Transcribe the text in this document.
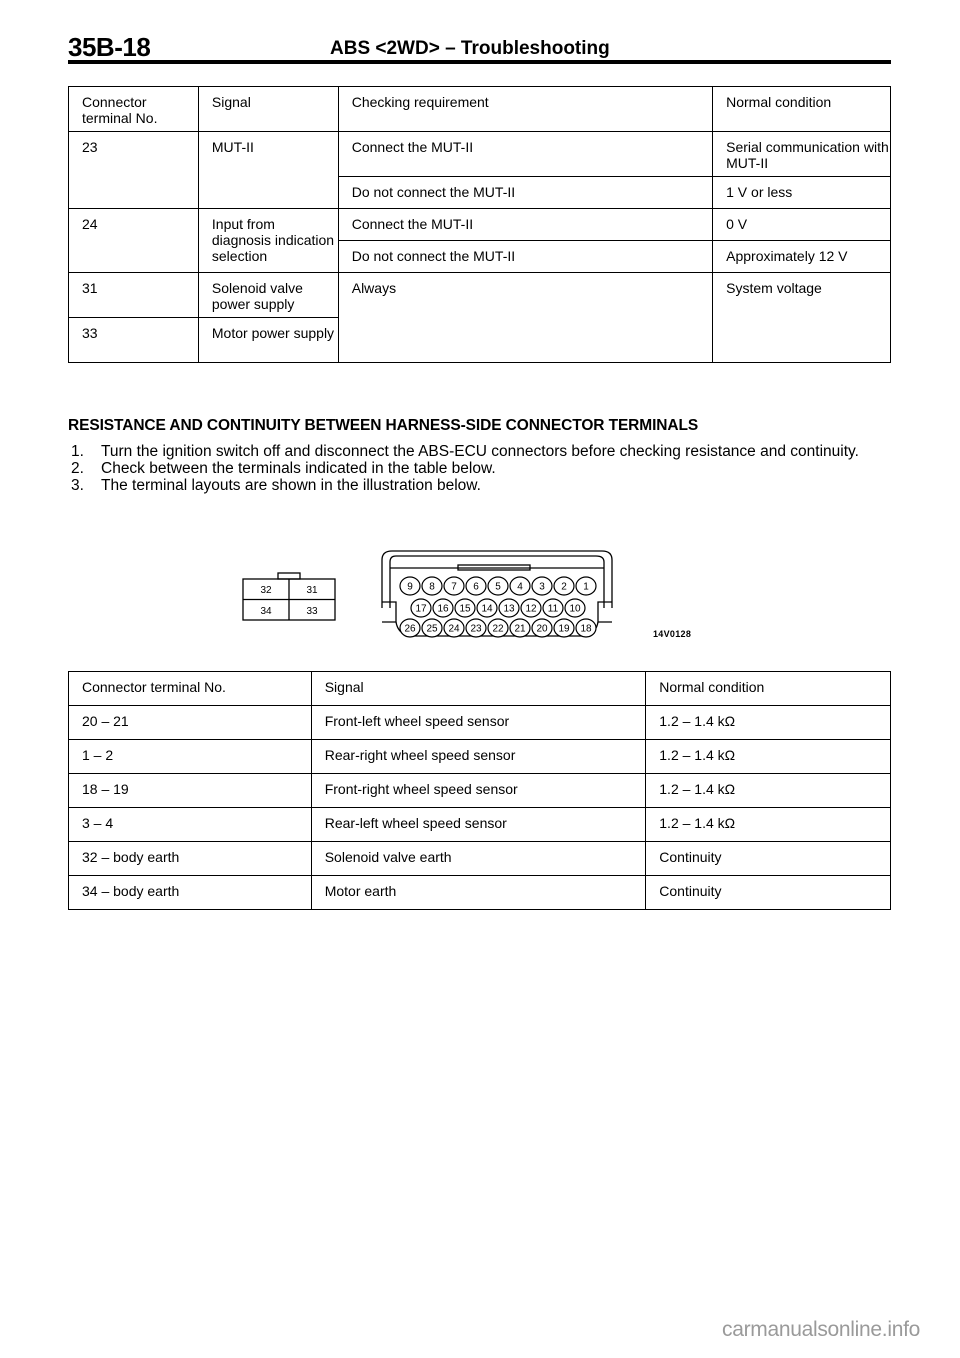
35B-18	ABS <2WD> – Troubleshooting
Connector terminal No.	Signal	Checking requirement	Normal condition
23	MUT-II	Connect the MUT-II	Serial communication with MUT-II
		Do not connect the MUT-II	1 V or less
24	Input from diagnosis indication selection	Connect the MUT-II	0 V
		Do not connect the MUT-II	Approximately 12 V
31	Solenoid valve power supply	Always	System voltage
33	Motor power supply		
RESISTANCE AND CONTINUITY BETWEEN HARNESS-SIDE CONNECTOR TERMINALS
1. Turn the ignition switch off and disconnect the ABS-ECU connectors before checking resistance and continuity.
2. Check between the terminals indicated in the table below.
3. The terminal layouts are shown in the illustration below.
32	31
34	33
9 8 7 6 5 4 3 2 1
17 16 15 14 13 12 11 10
26 25 24 23 22 21 20 19 18	14V0128
Connector terminal No.	Signal	Normal condition
20 – 21	Front-left wheel speed sensor	1.2 – 1.4 kΩ
1 – 2	Rear-right wheel speed sensor	1.2 – 1.4 kΩ
18 – 19	Front-right wheel speed sensor	1.2 – 1.4 kΩ
3 – 4	Rear-left wheel speed sensor	1.2 – 1.4 kΩ
32 – body earth	Solenoid valve earth	Continuity
34 – body earth	Motor earth	Continuity
carmanualsonline.info
